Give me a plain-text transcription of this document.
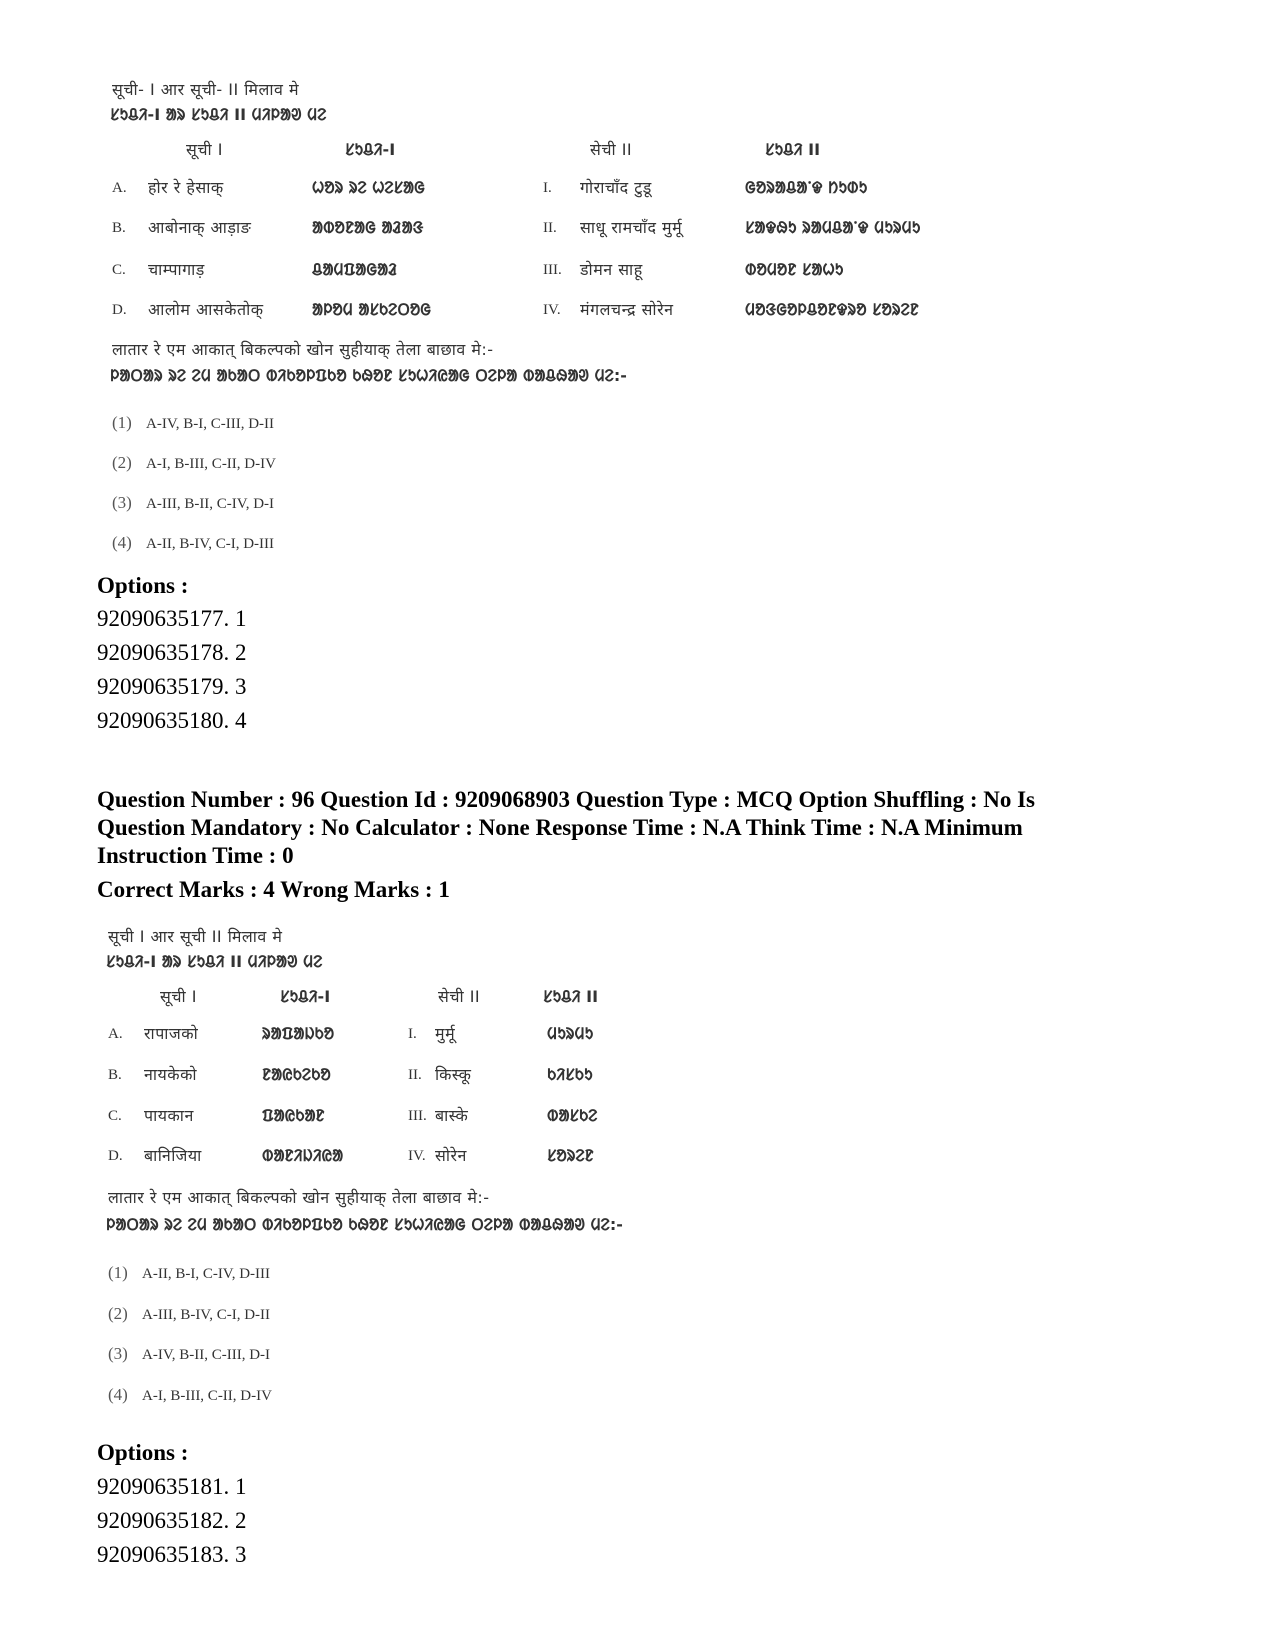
सूची- I आर सूची- II मिलाव मे
ᱥᱩᱪᱤ-I ᱟᱨ ᱥᱩᱪᱤ II ᱢᱤᱞᱟᱣ ᱢᱮ
सूची I	ᱥᱩᱪᱤ-I	सेची II	ᱥᱩᱪᱤ II
A. होर रे हेसाक्	ᱦᱚᱨ ᱨᱮ ᱦᱮᱥᱟᱜ	I. गोराचाँद टुडू	ᱜᱚᱨᱟᱪᱟᱸᱫ ᱴᱩᱰᱩ
B. आबोनाक् आड़ाङ	ᱟᱵᱚᱱᱟᱜ ᱟᱲᱟᱝ	II. साधू रामचाँद मुर्मू	ᱥᱟᱫᱷᱩ ᱨᱟᱢᱪᱟᱸᱫ ᱢᱩᱨᱢᱩ
C. चाम्पागाड़	ᱪᱟᱢᱯᱟᱜᱟᱲ	III. डोमन साहू	ᱰᱚᱢᱚᱱ ᱥᱟᱦᱩ
D. आलोम आसकेतोक्	ᱟᱞᱚᱢ ᱟᱥᱠᱮᱛᱚᱜ	IV. मंगलचन्द्र सोरेन	ᱢᱚᱝᱜᱚᱞᱪᱚᱱᱫᱨᱚ ᱥᱚᱨᱮᱱ
लातार रे एम आकात् बिकल्पको खोन सुहीयाक् तेला बाछाव मे:-
ᱞᱟᱛᱟᱨ ᱨᱮ ᱮᱢ ᱟᱠᱟᱛ ᱵᱤᱠᱚᱞᱯᱠᱚ ᱠᱷᱚᱱ ᱥᱩᱦᱤᱭᱟᱜ ᱛᱮᱞᱟ ᱵᱟᱪᱷᱟᱣ ᱢᱮ:-
(1) A-IV, B-I, C-III, D-II
(2) A-I, B-III, C-II, D-IV
(3) A-III, B-II, C-IV, D-I
(4) A-II, B-IV, C-I, D-III
Options :
92090635177. 1
92090635178. 2
92090635179. 3
92090635180. 4
Question Number : 96 Question Id : 9209068903 Question Type : MCQ Option Shuffling : No Is
Question Mandatory : No Calculator : None Response Time : N.A Think Time : N.A Minimum
Instruction Time : 0
Correct Marks : 4 Wrong Marks : 1
सूची I आर सूची II मिलाव मे
ᱥᱩᱪᱤ-I ᱟᱨ ᱥᱩᱪᱤ II ᱢᱤᱞᱟᱣ ᱢᱮ
सूची I	ᱥᱩᱪᱤ-I	सेची II	ᱥᱩᱪᱤ II
A. रापाजको	ᱨᱟᱯᱟᱡᱠᱚ	I. मुर्मू	ᱢᱩᱨᱢᱩ
B. नायकेको	ᱱᱟᱭᱠᱮᱠᱚ	II. किस्कू	ᱠᱤᱥᱠᱩ
C. पायकान	ᱯᱟᱭᱠᱟᱱ	III. बास्के	ᱵᱟᱥᱠᱮ
D. बानिजिया	ᱵᱟᱱᱤᱡᱤᱭᱟ	IV. सोरेन	ᱥᱚᱨᱮᱱ
लातार रे एम आकात् बिकल्पको खोन सुहीयाक् तेला बाछाव मे:-
ᱞᱟᱛᱟᱨ ᱨᱮ ᱮᱢ ᱟᱠᱟᱛ ᱵᱤᱠᱚᱞᱯᱠᱚ ᱠᱷᱚᱱ ᱥᱩᱦᱤᱭᱟᱜ ᱛᱮᱞᱟ ᱵᱟᱪᱷᱟᱣ ᱢᱮ:-
(1) A-II, B-I, C-IV, D-III
(2) A-III, B-IV, C-I, D-II
(3) A-IV, B-II, C-III, D-I
(4) A-I, B-III, C-II, D-IV
Options :
92090635181. 1
92090635182. 2
92090635183. 3
